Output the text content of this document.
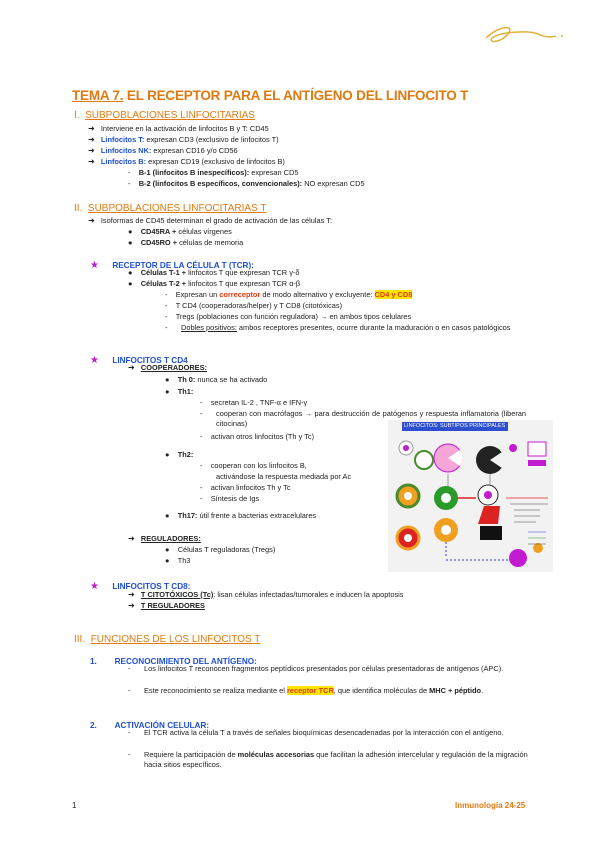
TEMA 7. EL RECEPTOR PARA EL ANTÍGENO DEL LINFOCITO T
I. SUBPOBLACIONES LINFOCITARIAS
➜ Interviene en la activación de linfocitos B y T: CD45
➜ Linfocitos T: expresan CD3 (exclusivo de linfocitos T)
➜ Linfocitos NK: expresan CD16 y/o CD56
➜ Linfocitos B: expresan CD19 (exclusivo de linfocitos B)
-    B-1 (linfocitos B inespecíficos): expresan CD5
-    B-2 (linfocitos B específicos, convencionales): NO expresan CD5
II. SUBPOBLACIONES LINFOCITARIAS T
➜ Isoformas de CD45 determinan el grado de activación de las células T:
●    CD45RA + células vírgenes
●    CD45RO + células de memoria
★ RECEPTOR DE LA CÉLULA T (TCR):
●    Células T-1 + linfocitos T que expresan TCR γ-δ
●    Células T-2 + linfocitos T que expresan TCR α-β
-    Expresan un correceptor de modo alternativo y excluyente: CD4 y CD8
-    T CD4 (cooperadoras/helper) y T CD8 (citotóxicas)
-    Tregs (poblaciones con función reguladora) → en ambos tipos celulares
- Dobles positivos: ambos receptores presentes, ocurre durante la maduración o en casos patológicos
★ LINFOCITOS T CD4
➜ COOPERADORES:
●    Th 0: nunca se ha activado
●    Th1:
-    secretan IL-2 , TNF-α e IFN-γ
- cooperan con macrófagos → para destrucción de patógenos y respuesta inflamatoria (liberan citocinas)
-    activan otros linfocitos (Th y Tc)
●    Th2:
-    cooperan con los linfocitos B,
activándose la respuesta mediada por Ac
-    activan linfocitos Th y Tc
-    Síntesis de Igs
●    Th17: útil frente a bacterias extracelulares
➜ REGULADORES:
●    Células T reguladoras (Tregs)
●    Th3
★ LINFOCITOS T CD8:
➜ T CITOTÓXICOS (Tc): lisan células infectadas/tumorales e inducen la apoptosis
➜ T REGULADORES
LINFOCITOS: SUBTIPOS PRINCIPALES
III. FUNCIONES DE LOS LINFOCITOS T
1. RECONOCIMIENTO DEL ANTÍGENO:
- Los linfocitos T reconocen fragmentos peptídicos presentados por células presentadoras de antígenos (APC).
- Este reconocimiento se realiza mediante el receptor TCR, que identifica moléculas de MHC + péptido.
2. ACTIVACIÓN CELULAR:
- El TCR activa la célula T a través de señales bioquímicas desencadenadas por la interacción con el antígeno.
- Requiere la participación de moléculas accesorias que facilitan la adhesión intercelular y regulación de la migración hacia sitios específicos.
1	Inmunología 24-25
